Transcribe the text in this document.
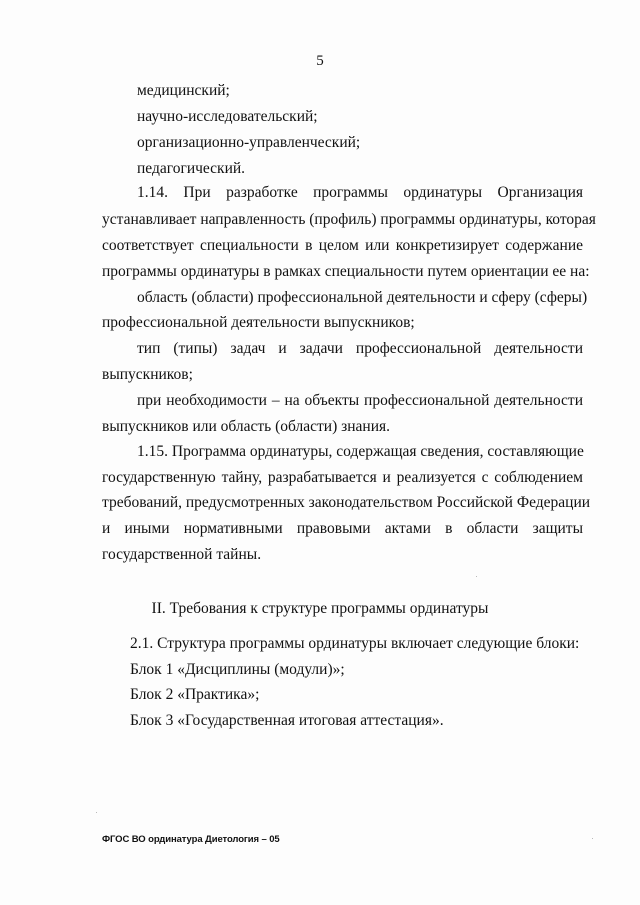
5
медицинский;
научно-исследовательский;
организационно-управленческий;
педагогический.
1.14. При разработке программы ординатуры Организация
устанавливает направленность (профиль) программы ординатуры, которая
соответствует специальности в целом или конкретизирует содержание
программы ординатуры в рамках специальности путем ориентации ее на:
область (области) профессиональной деятельности и сферу (сферы)
профессиональной деятельности выпускников;
тип (типы) задач и задачи профессиональной деятельности
выпускников;
при необходимости – на объекты профессиональной деятельности
выпускников или область (области) знания.
1.15. Программа ординатуры, содержащая сведения, составляющие
государственную тайну, разрабатывается и реализуется с соблюдением
требований, предусмотренных законодательством Российской Федерации
и иными нормативными правовыми актами в области защиты
государственной тайны.
II. Требования к структуре программы ординатуры
2.1. Структура программы ординатуры включает следующие блоки:
Блок 1 «Дисциплины (модули)»;
Блок 2 «Практика»;
Блок 3 «Государственная итоговая аттестация».
ФГОС ВО ординатура Диетология – 05
